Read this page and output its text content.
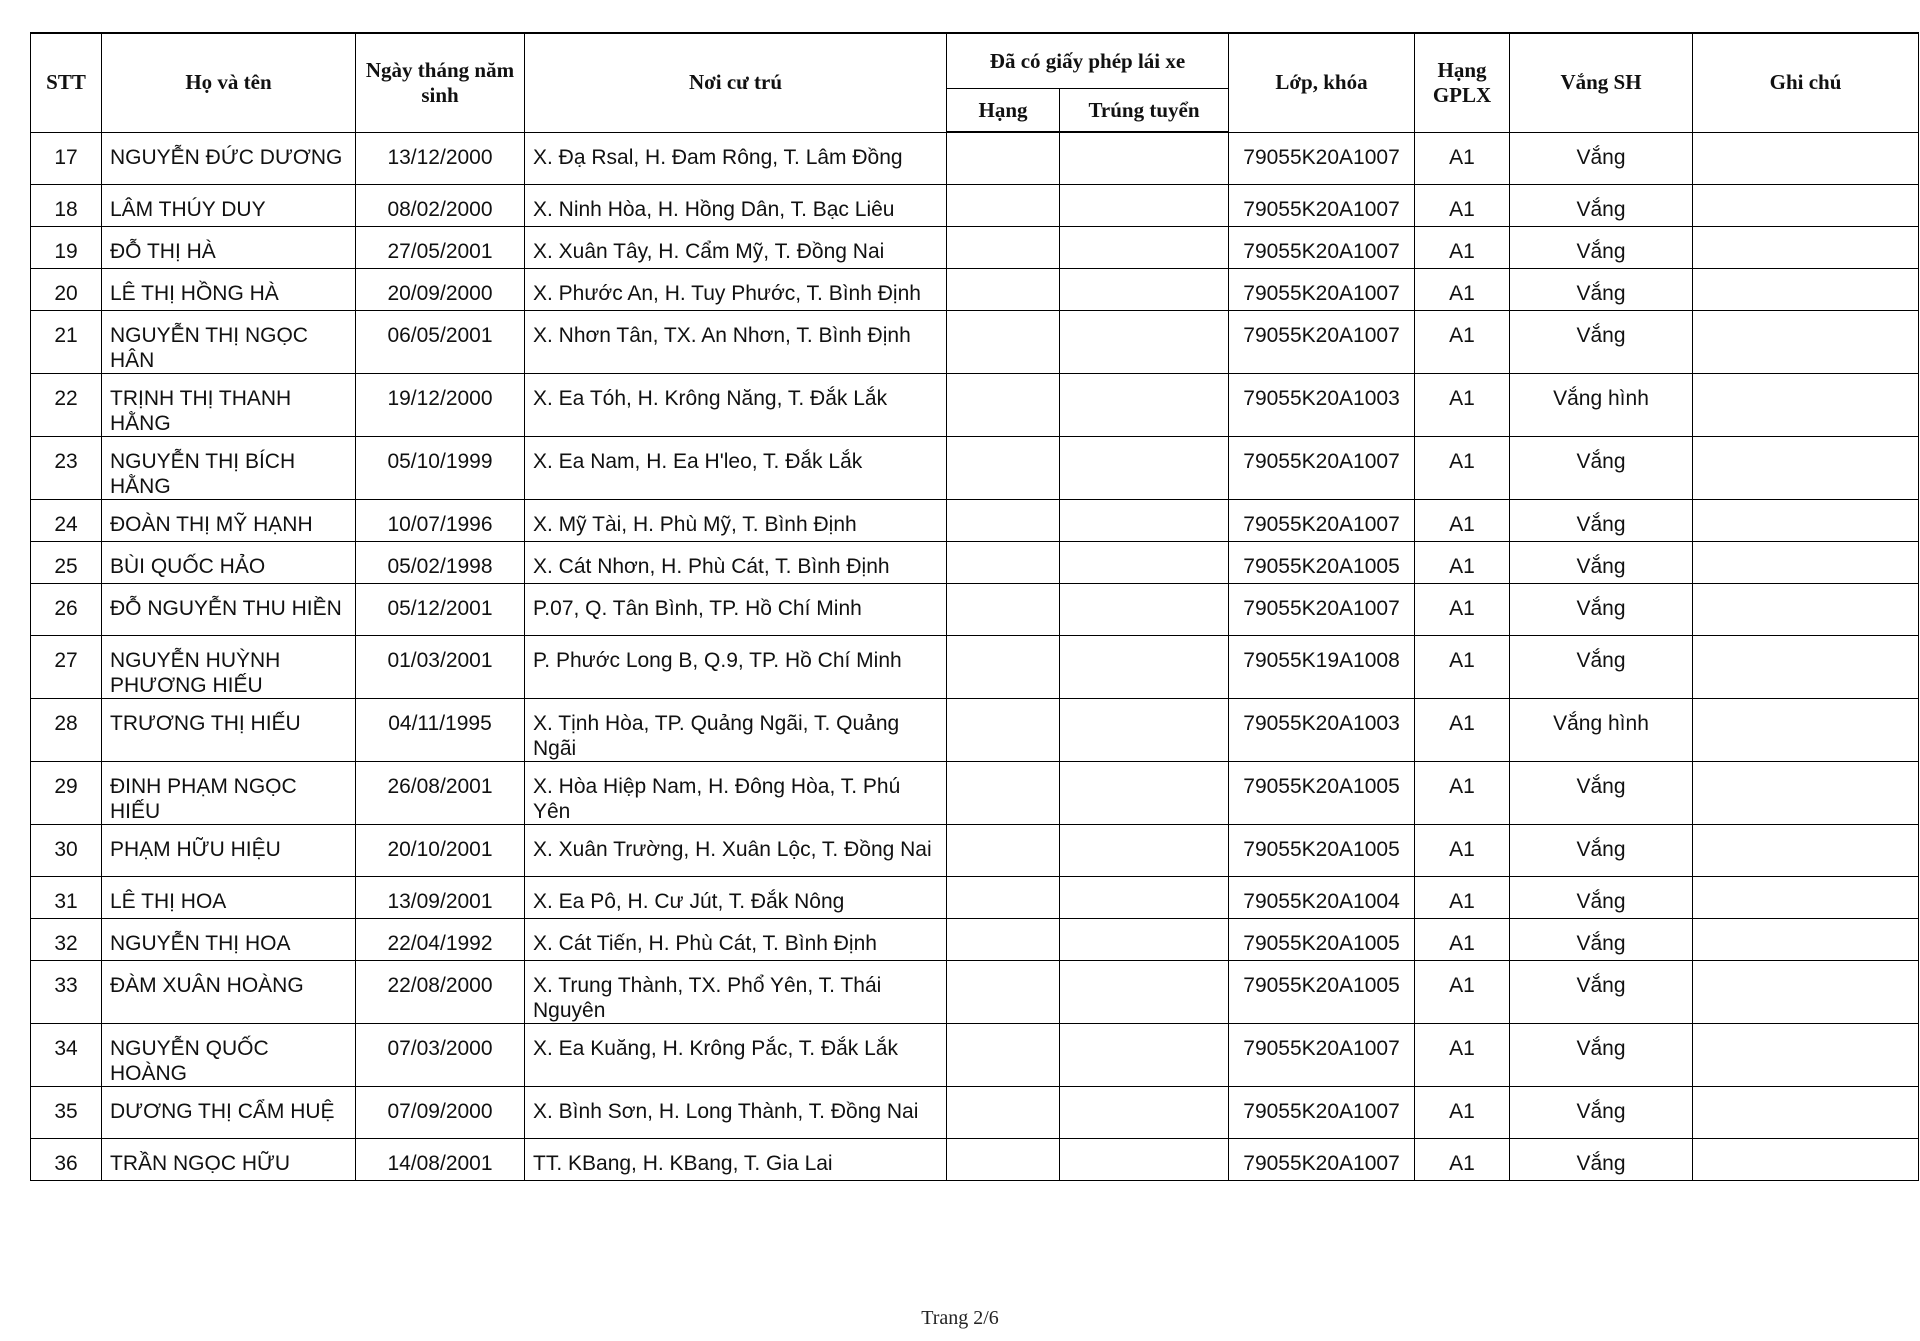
STT	Họ và tên	Ngày tháng năm sinh	Nơi cư trú	Đã có giấy phép lái xe		Lớp, khóa	Hạng GPLX	Vắng SH	Ghi chú
				Hạng	Trúng tuyển				
17	NGUYỄN ĐỨC DƯƠNG	13/12/2000	X. Đạ Rsal, H. Đam Rông, T. Lâm Đồng			79055K20A1007	A1	Vắng	
18	LÂM THÚY DUY	08/02/2000	X. Ninh Hòa, H. Hồng Dân, T. Bạc Liêu			79055K20A1007	A1	Vắng	
19	ĐỖ THỊ HÀ	27/05/2001	X. Xuân Tây, H. Cẩm Mỹ, T. Đồng Nai			79055K20A1007	A1	Vắng	
20	LÊ THỊ HỒNG HÀ	20/09/2000	X. Phước An, H. Tuy Phước, T. Bình Định			79055K20A1007	A1	Vắng	
21	NGUYỄN THỊ NGỌC HÂN	06/05/2001	X. Nhơn Tân, TX. An Nhơn, T. Bình Định			79055K20A1007	A1	Vắng	
22	TRỊNH THỊ THANH HẰNG	19/12/2000	X. Ea Tóh, H. Krông Năng, T. Đắk Lắk			79055K20A1003	A1	Vắng hình	
23	NGUYỄN THỊ BÍCH HẰNG	05/10/1999	X. Ea Nam, H. Ea H'leo, T. Đắk Lắk			79055K20A1007	A1	Vắng	
24	ĐOÀN THỊ MỸ HẠNH	10/07/1996	X. Mỹ Tài, H. Phù Mỹ, T. Bình Định			79055K20A1007	A1	Vắng	
25	BÙI QUỐC HẢO	05/02/1998	X. Cát Nhơn, H. Phù Cát, T. Bình Định			79055K20A1005	A1	Vắng	
26	ĐỖ NGUYỄN THU HIỀN	05/12/2001	P.07, Q. Tân Bình, TP. Hồ Chí Minh			79055K20A1007	A1	Vắng	
27	NGUYỄN HUỲNH PHƯƠNG HIẾU	01/03/2001	P. Phước Long B, Q.9, TP. Hồ Chí Minh			79055K19A1008	A1	Vắng	
28	TRƯƠNG THỊ HIẾU	04/11/1995	X. Tịnh Hòa, TP. Quảng Ngãi, T. Quảng Ngãi			79055K20A1003	A1	Vắng hình	
29	ĐINH PHẠM NGỌC HIẾU	26/08/2001	X. Hòa Hiệp Nam, H. Đông Hòa, T. Phú Yên			79055K20A1005	A1	Vắng	
30	PHẠM HỮU HIỆU	20/10/2001	X. Xuân Trường, H. Xuân Lộc, T. Đồng Nai			79055K20A1005	A1	Vắng	
31	LÊ THỊ HOA	13/09/2001	X. Ea Pô, H. Cư Jút, T. Đắk Nông			79055K20A1004	A1	Vắng	
32	NGUYỄN THỊ HOA	22/04/1992	X. Cát Tiến, H. Phù Cát, T. Bình Định			79055K20A1005	A1	Vắng	
33	ĐÀM XUÂN HOÀNG	22/08/2000	X. Trung Thành, TX. Phổ Yên, T. Thái Nguyên			79055K20A1005	A1	Vắng	
34	NGUYỄN QUỐC HOÀNG	07/03/2000	X. Ea Kuăng, H. Krông Pắc, T. Đắk Lắk			79055K20A1007	A1	Vắng	
35	DƯƠNG THỊ CẨM HUỆ	07/09/2000	X. Bình Sơn, H. Long Thành, T. Đồng Nai			79055K20A1007	A1	Vắng	
36	TRẦN NGỌC HỮU	14/08/2001	TT. KBang, H. KBang, T. Gia Lai			79055K20A1007	A1	Vắng	
Trang 2/6
